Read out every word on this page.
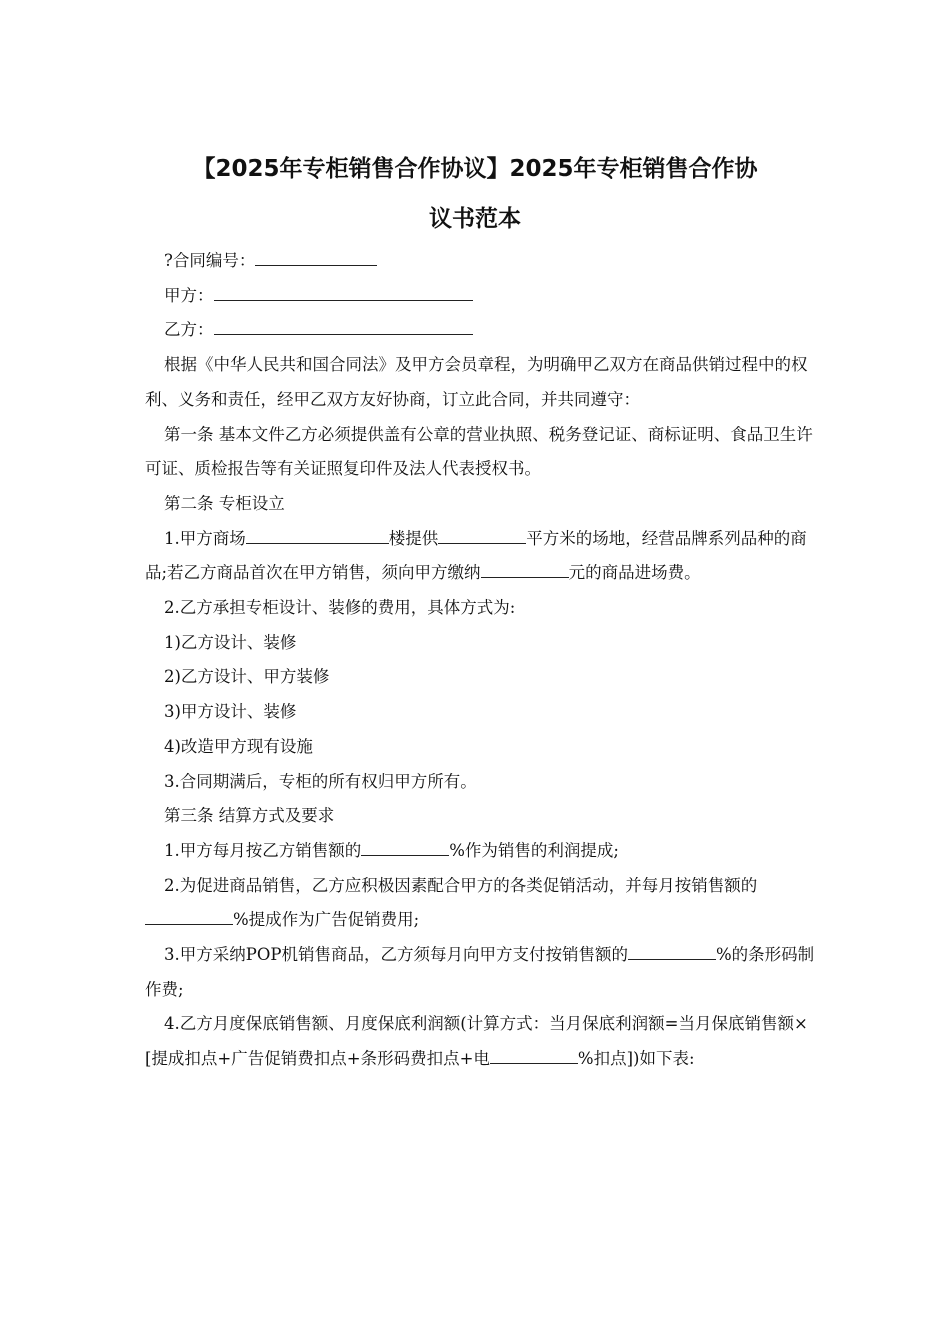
【2025年专柜销售合作协议】2025年专柜销售合作协
议书范本

?合同编号：

甲方：

乙方：

根据《中华人民共和国合同法》及甲方会员章程，为明确甲乙双方在商品供销过程中的权利、义务和责任，经甲乙双方友好协商，订立此合同，并共同遵守：

第一条 基本文件乙方必须提供盖有公章的营业执照、税务登记证、商标证明、食品卫生许可证、质检报告等有关证照复印件及法人代表授权书。

第二条 专柜设立

1.甲方商场	楼提供	平方米的场地，经营品牌系列品种的商品;若乙方商品首次在甲方销售，须向甲方缴纳	元的商品进场费。

2.乙方承担专柜设计、装修的费用，具体方式为:

1)乙方设计、装修

2)乙方设计、甲方装修

3)甲方设计、装修

4)改造甲方现有设施

3.合同期满后，专柜的所有权归甲方所有。

第三条 结算方式及要求

1.甲方每月按乙方销售额的	%作为销售的利润提成;

2.为促进商品销售，乙方应积极因素配合甲方的各类促销活动，并每月按销售额的%提成作为广告促销费用;

3.甲方采纳POP机销售商品，乙方须每月向甲方支付按销售额的	%的条形码制作费;

4.乙方月度保底销售额、月度保底利润额(计算方式：当月保底利润额=当月保底销售额×[提成扣点+广告促销费扣点+条形码费扣点+电	%扣点])如下表:
